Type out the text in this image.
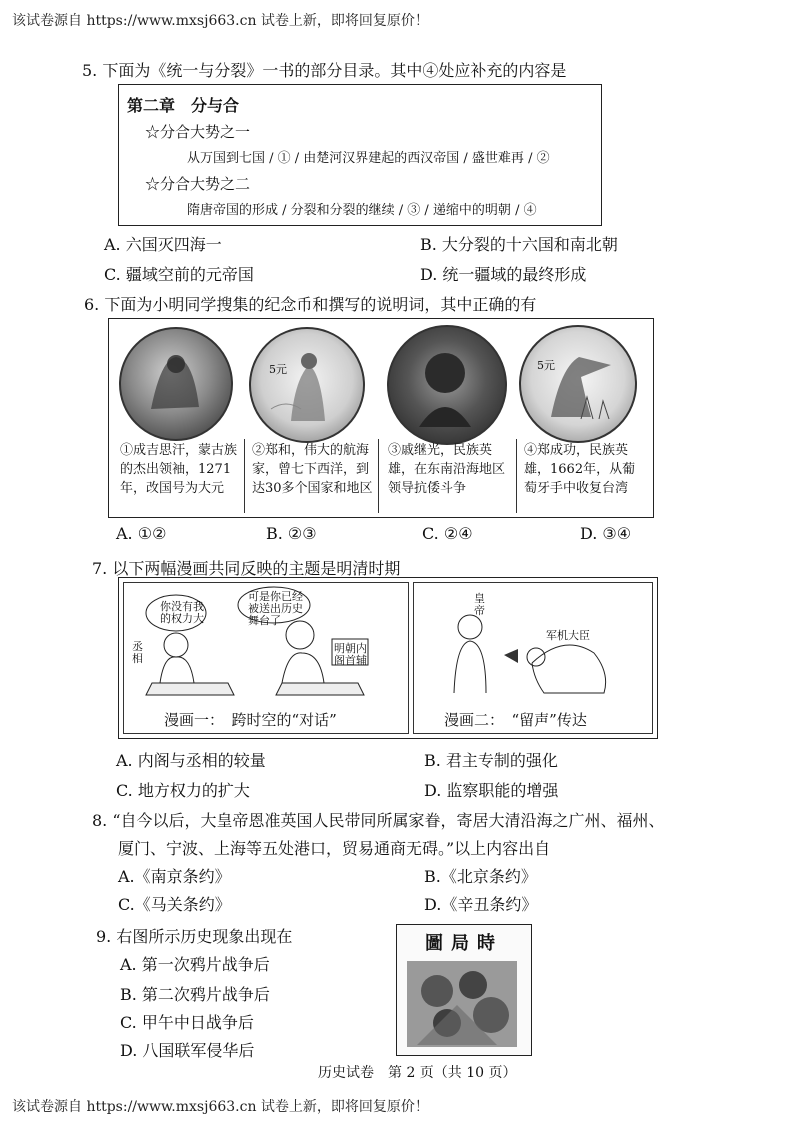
该试卷源自 https://www.mxsj663.cn 试卷上新，即将回复原价！
5. 下面为《统一与分裂》一书的部分目录。其中④处应补充的内容是
第二章　分与合
☆分合大势之一
从万国到七国 / ① / 由楚河汉界建起的西汉帝国 / 盛世难再 / ②
☆分合大势之二
隋唐帝国的形成 / 分裂和分裂的继续 / ③ / 递缩中的明朝 / ④
A. 六国灭四海一	B. 大分裂的十六国和南北朝
C. 疆域空前的元帝国	D. 统一疆域的最终形成
6. 下面为小明同学搜集的纪念币和撰写的说明词，其中正确的有
5元	5元
①成吉思汗，蒙古族的杰出领袖，1271年，改国号为大元
②郑和，伟大的航海家，曾七下西洋，到达30多个国家和地区
③戚继光，民族英雄，在东南沿海地区领导抗倭斗争
④郑成功，民族英雄，1662年，从葡萄牙手中收复台湾
A. ①②	B. ②③	C. ②④	D. ③④
7. 以下两幅漫画共同反映的主题是明清时期
你没有我的权力大
可是你已经被送出历史舞台了
丞相
明朝内阁首辅
漫画一：　跨时空的“对话”
皇帝
军机大臣
漫画二：　“留声”传达
A. 内阁与丞相的较量	B. 君主专制的强化
C. 地方权力的扩大	D. 监察职能的增强
8. “自今以后，大皇帝恩准英国人民带同所属家眷，寄居大清沿海之广州、福州、
厦门、宁波、上海等五处港口，贸易通商无碍。”以上内容出自
A.《南京条约》	B.《北京条约》
C.《马关条约》	D.《辛丑条约》
9. 右图所示历史现象出现在
A. 第一次鸦片战争后
B. 第二次鸦片战争后
C. 甲午中日战争后
D. 八国联军侵华后
圖局時
历史试卷　第 2 页（共 10 页）
该试卷源自 https://www.mxsj663.cn 试卷上新，即将回复原价！
